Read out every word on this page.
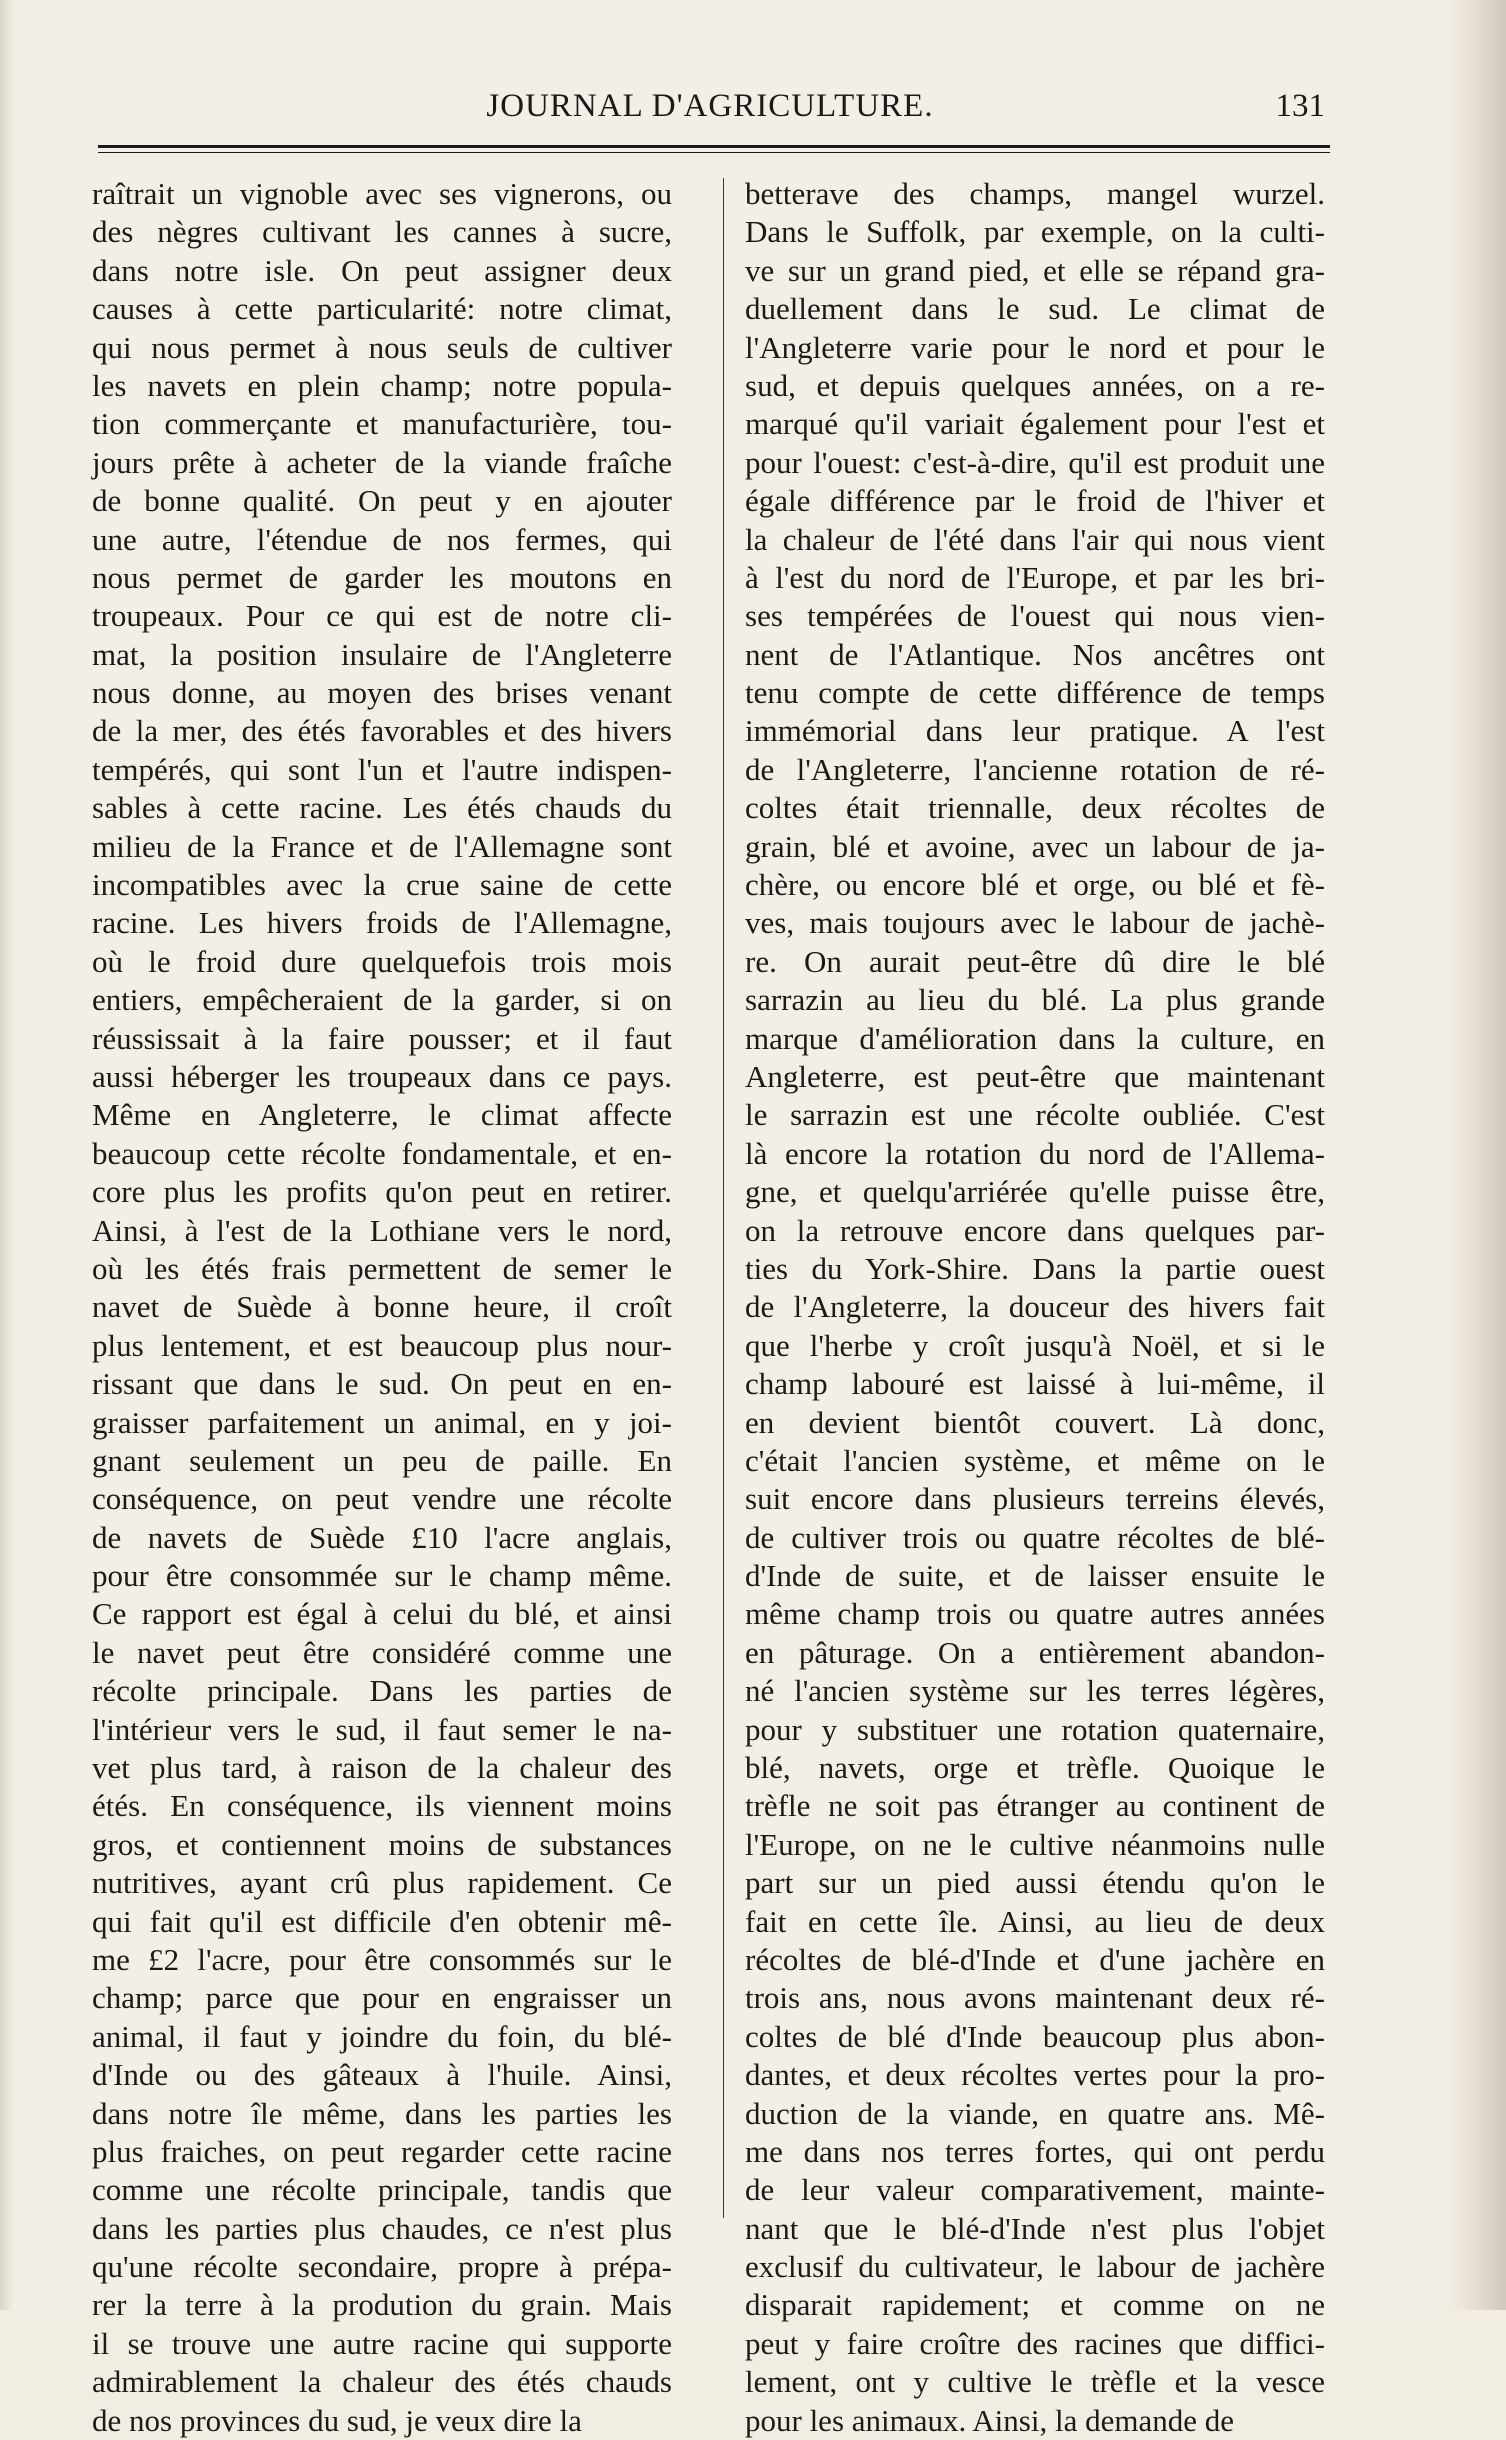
JOURNAL D'AGRICULTURE.	131
raîtrait un vignoble avec ses vignerons, ou
des nègres cultivant les cannes à sucre,
dans notre isle. On peut assigner deux
causes à cette particularité: notre climat,
qui nous permet à nous seuls de cultiver
les navets en plein champ; notre popula-
tion commerçante et manufacturière, tou-
jours prête à acheter de la viande fraîche
de bonne qualité. On peut y en ajouter
une autre, l'étendue de nos fermes, qui
nous permet de garder les moutons en
troupeaux. Pour ce qui est de notre cli-
mat, la position insulaire de l'Angleterre
nous donne, au moyen des brises venant
de la mer, des étés favorables et des hivers
tempérés, qui sont l'un et l'autre indispen-
sables à cette racine. Les étés chauds du
milieu de la France et de l'Allemagne sont
incompatibles avec la crue saine de cette
racine. Les hivers froids de l'Allemagne,
où le froid dure quelquefois trois mois
entiers, empêcheraient de la garder, si on
réussissait à la faire pousser; et il faut
aussi héberger les troupeaux dans ce pays.
Même en Angleterre, le climat affecte
beaucoup cette récolte fondamentale, et en-
core plus les profits qu'on peut en retirer.
Ainsi, à l'est de la Lothiane vers le nord,
où les étés frais permettent de semer le
navet de Suède à bonne heure, il croît
plus lentement, et est beaucoup plus nour-
rissant que dans le sud. On peut en en-
graisser parfaitement un animal, en y joi-
gnant seulement un peu de paille. En
conséquence, on peut vendre une récolte
de navets de Suède £10 l'acre anglais,
pour être consommée sur le champ même.
Ce rapport est égal à celui du blé, et ainsi
le navet peut être considéré comme une
récolte principale. Dans les parties de
l'intérieur vers le sud, il faut semer le na-
vet plus tard, à raison de la chaleur des
étés. En conséquence, ils viennent moins
gros, et contiennent moins de substances
nutritives, ayant crû plus rapidement. Ce
qui fait qu'il est difficile d'en obtenir mê-
me £2 l'acre, pour être consommés sur le
champ; parce que pour en engraisser un
animal, il faut y joindre du foin, du blé-
d'Inde ou des gâteaux à l'huile. Ainsi,
dans notre île même, dans les parties les
plus fraiches, on peut regarder cette racine
comme une récolte principale, tandis que
dans les parties plus chaudes, ce n'est plus
qu'une récolte secondaire, propre à prépa-
rer la terre à la prodution du grain. Mais
il se trouve une autre racine qui supporte
admirablement la chaleur des étés chauds
de nos provinces du sud, je veux dire la
betterave des champs, mangel wurzel.
Dans le Suffolk, par exemple, on la culti-
ve sur un grand pied, et elle se répand gra-
duellement dans le sud. Le climat de
l'Angleterre varie pour le nord et pour le
sud, et depuis quelques années, on a re-
marqué qu'il variait également pour l'est et
pour l'ouest: c'est-à-dire, qu'il est produit une
égale différence par le froid de l'hiver et
la chaleur de l'été dans l'air qui nous vient
à l'est du nord de l'Europe, et par les bri-
ses tempérées de l'ouest qui nous vien-
nent de l'Atlantique. Nos ancêtres ont
tenu compte de cette différence de temps
immémorial dans leur pratique. A l'est
de l'Angleterre, l'ancienne rotation de ré-
coltes était triennalle, deux récoltes de
grain, blé et avoine, avec un labour de ja-
chère, ou encore blé et orge, ou blé et fè-
ves, mais toujours avec le labour de jachè-
re. On aurait peut-être dû dire le blé
sarrazin au lieu du blé. La plus grande
marque d'amélioration dans la culture, en
Angleterre, est peut-être que maintenant
le sarrazin est une récolte oubliée. C'est
là encore la rotation du nord de l'Allema-
gne, et quelqu'arriérée qu'elle puisse être,
on la retrouve encore dans quelques par-
ties du York-Shire. Dans la partie ouest
de l'Angleterre, la douceur des hivers fait
que l'herbe y croît jusqu'à Noël, et si le
champ labouré est laissé à lui-même, il
en devient bientôt couvert. Là donc,
c'était l'ancien système, et même on le
suit encore dans plusieurs terreins élevés,
de cultiver trois ou quatre récoltes de blé-
d'Inde de suite, et de laisser ensuite le
même champ trois ou quatre autres années
en pâturage. On a entièrement abandon-
né l'ancien système sur les terres légères,
pour y substituer une rotation quaternaire,
blé, navets, orge et trèfle. Quoique le
trèfle ne soit pas étranger au continent de
l'Europe, on ne le cultive néanmoins nulle
part sur un pied aussi étendu qu'on le
fait en cette île. Ainsi, au lieu de deux
récoltes de blé-d'Inde et d'une jachère en
trois ans, nous avons maintenant deux ré-
coltes de blé d'Inde beaucoup plus abon-
dantes, et deux récoltes vertes pour la pro-
duction de la viande, en quatre ans. Mê-
me dans nos terres fortes, qui ont perdu
de leur valeur comparativement, mainte-
nant que le blé-d'Inde n'est plus l'objet
exclusif du cultivateur, le labour de jachère
disparait rapidement; et comme on ne
peut y faire croître des racines que diffici-
lement, ont y cultive le trèfle et la vesce
pour les animaux. Ainsi, la demande de
